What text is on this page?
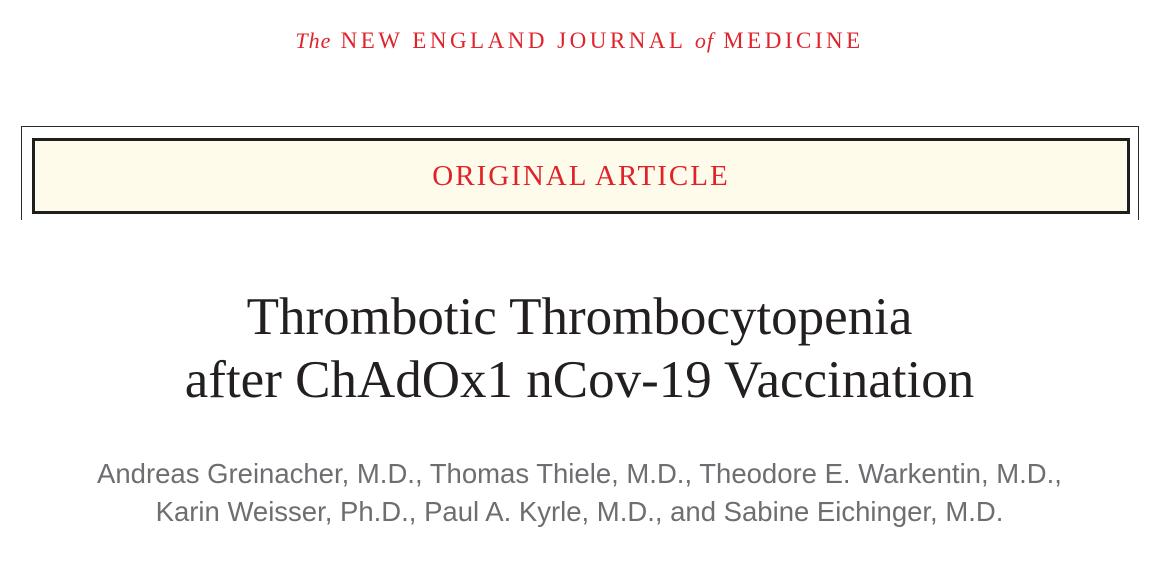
The NEW ENGLAND JOURNAL of MEDICINE
ORIGINAL ARTICLE
Thrombotic Thrombocytopenia
after ChAdOx1 nCov-19 Vaccination
Andreas Greinacher, M.D., Thomas Thiele, M.D., Theodore E. Warkentin, M.D.,
Karin Weisser, Ph.D., Paul A. Kyrle, M.D., and Sabine Eichinger, M.D.
